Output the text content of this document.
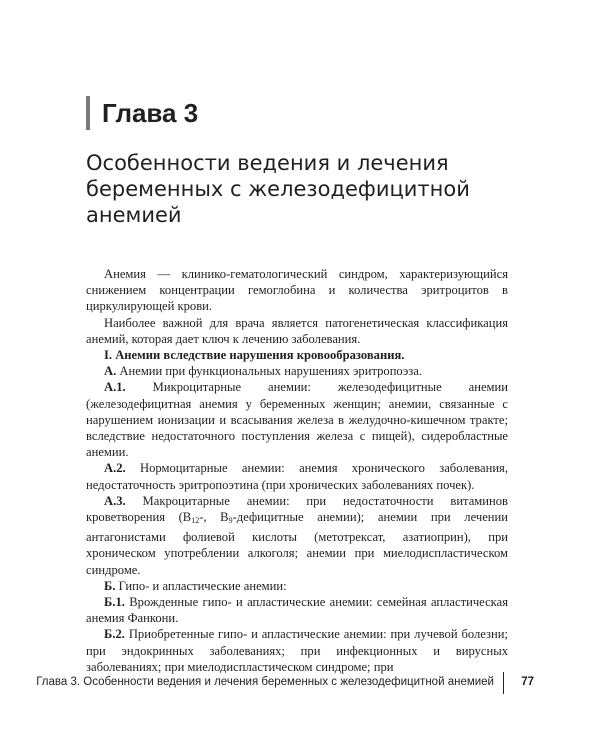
Глава 3
Особенности ведения и лечения беременных с железодефицитной анемией

Анемия — клинико-гематологический синдром, характеризующийся снижением концентрации гемоглобина и количества эритроцитов в циркулирующей крови.

Наиболее важной для врача является патогенетическая классификация анемий, которая дает ключ к лечению заболевания.

I. Анемии вследствие нарушения кровообразования.

А. Анемии при функциональных нарушениях эритропоэза.

А.1. Микроцитарные анемии: железодефицитные анемии (железодефицитная анемия у беременных женщин; анемии, связанные с нарушением ионизации и всасывания железа в желудочно-кишечном тракте; вследствие недостаточного поступления железа с пищей), сидеробластные анемии.

А.2. Нормоцитарные анемии: анемия хронического заболевания, недостаточность эритропоэтина (при хронических заболеваниях почек).

А.3. Макроцитарные анемии: при недостаточности витаминов кроветворения ($B_{12}-$, $B_9$-дефицитные анемии); анемии при лечении антагонистами фолиевой кислоты (метотрексат, азатиоприн), при хроническом употреблении алкоголя; анемии при миелодиспластическом синдроме.

Б. Гипо- и апластические анемии:

Б.1. Врожденные гипо- и апластические анемии: семейная апластическая анемия Фанкони.

Б.2. Приобретенные гипо- и апластические анемии: при лучевой болезни; при эндокринных заболеваниях; при инфекционных и вирусных заболеваниях; при миелодиспластическом синдроме; при

Глава 3. Особенности ведения и лечения беременных с железодефицитной анемией	77
